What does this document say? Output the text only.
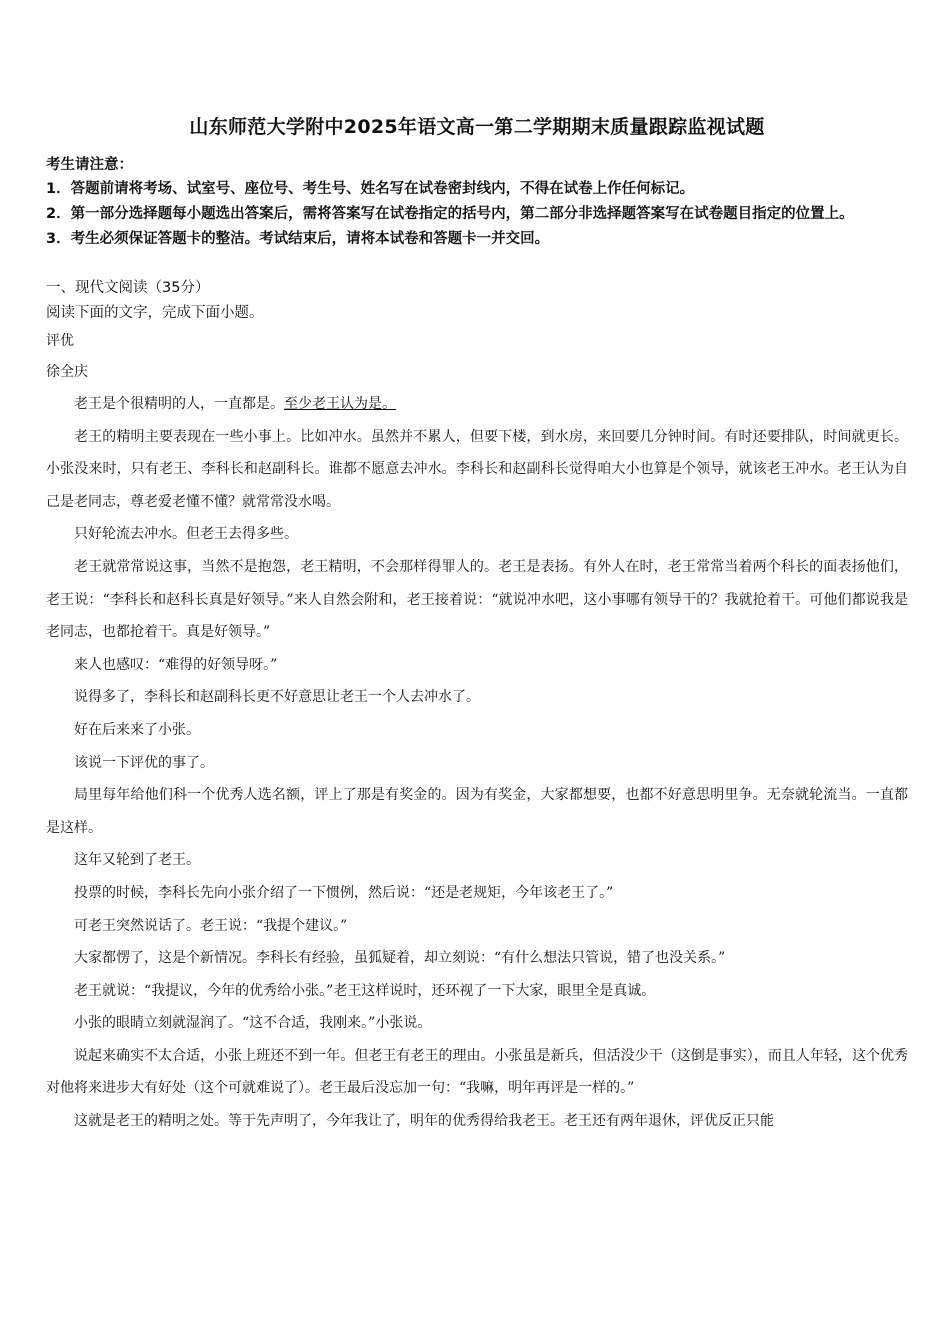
山东师范大学附中2025年语文高一第二学期期末质量跟踪监视试题
考生请注意：

1．答题前请将考场、试室号、座位号、考生号、姓名写在试卷密封线内，不得在试卷上作任何标记。

2．第一部分选择题每小题选出答案后，需将答案写在试卷指定的括号内，第二部分非选择题答案写在试卷题目指定的位置上。

3．考生必须保证答题卡的整洁。考试结束后，请将本试卷和答题卡一并交回。

一、现代文阅读（35分）
阅读下面的文字，完成下面小题。
评优
徐全庆

老王是个很精明的人，一直都是。至少老王认为是。

老王的精明主要表现在一些小事上。比如冲水。虽然并不累人，但要下楼，到水房，来回要几分钟时间。有时还要排队，时间就更长。小张没来时，只有老王、李科长和赵副科长。谁都不愿意去冲水。李科长和赵副科长觉得咱大小也算是个领导，就该老王冲水。老王认为自己是老同志，尊老爱老懂不懂？就常常没水喝。

只好轮流去冲水。但老王去得多些。

老王就常常说这事，当然不是抱怨，老王精明，不会那样得罪人的。老王是表扬。有外人在时，老王常常当着两个科长的面表扬他们，老王说：“李科长和赵科长真是好领导。”来人自然会附和，老王接着说：“就说冲水吧，这小事哪有领导干的？我就抢着干。可他们都说我是老同志，也都抢着干。真是好领导。”

来人也感叹：“难得的好领导呀。”

说得多了，李科长和赵副科长更不好意思让老王一个人去冲水了。

好在后来来了小张。

该说一下评优的事了。

局里每年给他们科一个优秀人选名额，评上了那是有奖金的。因为有奖金，大家都想要，也都不好意思明里争。无奈就轮流当。一直都是这样。

这年又轮到了老王。

投票的时候，李科长先向小张介绍了一下惯例，然后说：“还是老规矩，今年该老王了。”

可老王突然说话了。老王说：“我提个建议。”

大家都愣了，这是个新情况。李科长有经验，虽狐疑着，却立刻说：“有什么想法只管说，错了也没关系。”

老王就说：“我提议，今年的优秀给小张。”老王这样说时，还环视了一下大家，眼里全是真诚。

小张的眼睛立刻就湿润了。“这不合适，我刚来。”小张说。

说起来确实不太合适，小张上班还不到一年。但老王有老王的理由。小张虽是新兵，但活没少干（这倒是事实），而且人年轻，这个优秀对他将来进步大有好处（这个可就难说了）。老王最后没忘加一句：“我嘛，明年再评是一样的。”

这就是老王的精明之处。等于先声明了，今年我让了，明年的优秀得给我老王。老王还有两年退休，评优反正只能
